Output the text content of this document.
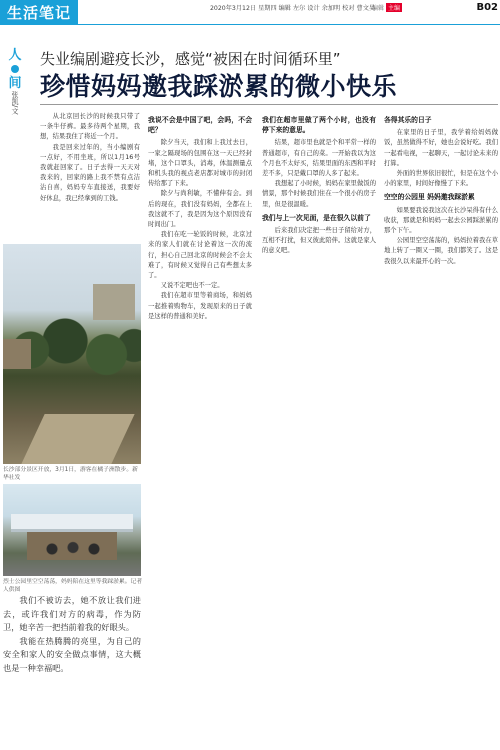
生活笔记	2020年3月12日 星期四 编辑 左尔 设计 余加明 校对 曹文昊
编辑 主编	B02
人
间
张凯/文
失业编剧避疫长沙，感觉“被困在时间循环里”
珍惜妈妈邀我踩淤累的微小快乐

从北京回长沙的时候我只带了一条牛仔裤。最多待两个星期，我想，结果我住了将近一个月。

我是回来过年的，当小编剧有一点好，不用坐班，所以1月16号我就赶回家了。日子去得一天天对我来的，回家的路上我不禁有点洁沾自喜，妈妈专车直接送，我要好好休息，我已经拿到的工钱。

长沙部分景区开放，3月1日，游客在橘子洲散步。新华社发
烈士公园里空空荡荡，妈妈陪在这里等我踩淤累。记者 人供图

我们不被访去，她不放让我们进去，或许我们对方的病毒，作为防卫，她辛苦一把挡前着我的好眼头。

我能在热腾腾的亮里，为自己的安全和家人的安全做点事情，这大概也是一种幸福吧。

我说不会是中国了吧，会吗，不会吧？

除夕当天，我们和上我过去日，一家之隔现场的包围在这一天已经封堵，这个口罩头，消毒，体温测量点和机头我的视点老店都对城市的封闭传给那了下来。

除夕与尚利敏，不懂伸有会。到后的现在，我们没有妈妈，全都在上我这就不了，我是因为这个原因没有时间出门。

我们在吃一轮饭的时候，北京过来的家人们就在讨论着这一次的流行，担心自己回北京的时候会不会太难了，有时候又觉得自己有些想太多了。

又说不定吧也不一定。

我们在超市里等着商场，和妈妈一起推着购物车，发现原来的日子就是这样的普通和美好。

我们在超市里做了两个小时，也没有停下来的意思。

结果，超市里也就是个和平常一样的普通超市，有自己的菜。一开始我以为这个月也不太好买，结果里面的东西和平时差不多，只是戴口罩的人多了起来。

我想起了小时候，妈妈在家里做饭的情景，那个时候我们住在一个很小的房子里，但是很温暖。

我们与上一次见面，是在很久以前了

后来我们决定把一些日子留给对方，互相不打扰，但又彼此陪伴。这就是家人的意义吧。

各得其乐的日子

在家里的日子里，我学着给妈妈做饭，虽然做得不好，她也会说好吃。我们一起看电视，一起聊天，一起讨论未来的打算。

外面的世界依旧很忙，但是在这个小小的家里，时间好像慢了下来。

空空的公园里 妈妈邀我踩淤累

如果要我说我这次在长沙呆得有什么收获，那就是和妈妈一起去公园踩淤累的那个下午。

公园里空空荡荡的，妈妈拉着我在草地上转了一圈又一圈，我们都笑了。这是我很久以来最开心的一次。
